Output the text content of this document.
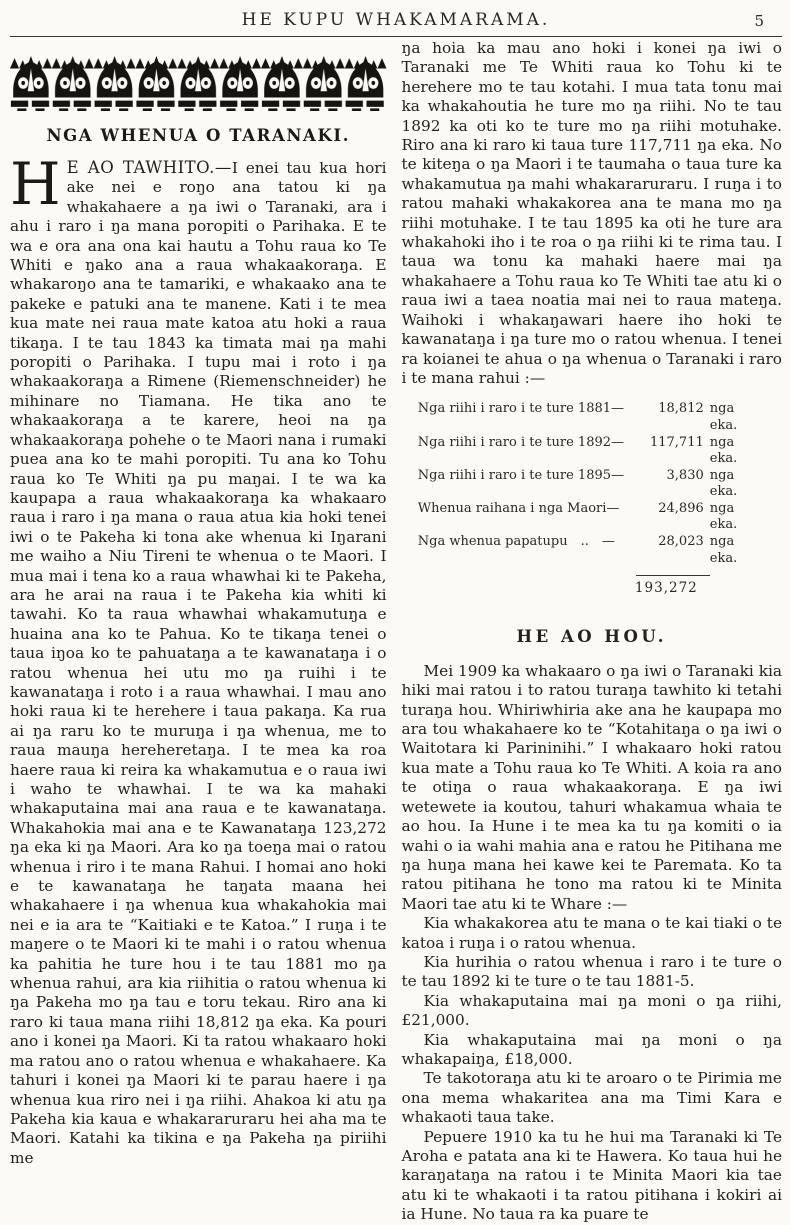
HE KUPU WHAKAMARAMA.	5
NGA WHENUA O TARANAKI.

H E AO TAWHITO.—I enei tau kua hori ake nei e roŋo ana tatou ki ŋa whakahaere a ŋa iwi o Taranaki, ara i ahu i raro i ŋa mana poropiti o Parihaka. E te wa e ora ana ona kai hautu a Tohu raua ko Te Whiti e ŋako ana a raua whakaakoraŋa. E whakaroŋo ana te tamariki, e whakaako ana te pakeke e patuki ana te manene. Kati i te mea kua mate nei raua mate katoa atu hoki a raua tikaŋa. I te tau 1843 ka timata mai ŋa mahi poropiti o Parihaka. I tupu mai i roto i ŋa whakaakoraŋa a Rimene (Riemenschneider) he mihinare no Tiamana. He tika ano te whakaakoraŋa a te karere, heoi na ŋa whakaakoraŋa pohehe o te Maori nana i rumaki puea ana ko te mahi poropiti. Tu ana ko Tohu raua ko Te Whiti ŋa pu maŋai. I te wa ka kaupapa a raua whakaakoraŋa ka whakaaro raua i raro i ŋa mana o raua atua kia hoki tenei iwi o te Pakeha ki tona ake whenua ki Iŋarani me waiho a Niu Tireni te whenua o te Maori. I mua mai i tena ko a raua whawhai ki te Pakeha, ara he arai na raua i te Pakeha kia whiti ki tawahi. Ko ta raua whawhai whakamutuŋa e huaina ana ko te Pahua. Ko te tikaŋa tenei o taua iŋoa ko te pahuataŋa a te kawanataŋa i o ratou whenua hei utu mo ŋa ruihi i te kawanataŋa i roto i a raua whawhai. I mau ano hoki raua ki te herehere i taua pakaŋa. Ka rua ai ŋa raru ko te muruŋa i ŋa whenua, me to raua mauŋa hereheretaŋa. I te mea ka roa haere raua ki reira ka whakamutua e o raua iwi i waho te whawhai. I te wa ka mahaki whakaputaina mai ana raua e te kawanataŋa. Whakahokia mai ana e te Kawanataŋa 123,272 ŋa eka ki ŋa Maori. Ara ko ŋa toeŋa mai o ratou whenua i riro i te mana Rahui. I homai ano hoki e te kawanataŋa he taŋata maana hei whakahaere i ŋa whenua kua whakahokia mai nei e ia ara te “Kaitiaki e te Katoa.” I ruŋa i te maŋere o te Maori ki te mahi i o ratou whenua ka pahitia he ture hou i te tau 1881 mo ŋa whenua rahui, ara kia riihitia o ratou whenua ki ŋa Pakeha mo ŋa tau e toru tekau. Riro ana ki raro ki taua mana riihi 18,812 ŋa eka. Ka pouri ano i konei ŋa Maori. Ki ta ratou whakaaro hoki ma ratou ano o ratou whenua e whakahaere. Ka tahuri i konei ŋa Maori ki te parau haere i ŋa whenua kua riro nei i ŋa riihi. Ahakoa ki atu ŋa Pakeha kia kaua e whakararuraru hei aha ma te Maori. Katahi ka tikina e ŋa Pakeha ŋa piriihi me

ŋa hoia ka mau ano hoki i konei ŋa iwi o Taranaki me Te Whiti raua ko Tohu ki te herehere mo te tau kotahi. I mua tata tonu mai ka whakahoutia he ture mo ŋa riihi. No te tau 1892 ka oti ko te ture mo ŋa riihi motuhake. Riro ana ki raro ki taua ture 117,711 ŋa eka. No te kiteŋa o ŋa Maori i te taumaha o taua ture ka whakamutua ŋa mahi whakararuraru. I ruŋa i to ratou mahaki whakakorea ana te mana mo ŋa riihi motuhake. I te tau 1895 ka oti he ture ara whakahoki iho i te roa o ŋa riihi ki te rima tau. I taua wa tonu ka mahaki haere mai ŋa whakahaere a Tohu raua ko Te Whiti tae atu ki o raua iwi a taea noatia mai nei to raua mateŋa. Waihoki i whakaŋawari haere iho hoki te kawanataŋa i ŋa ture mo o ratou whenua. I tenei ra koianei te ahua o ŋa whenua o Taranaki i raro i te mana rahui :—

Nga riihi i raro i te ture 1881—	18,812 nga eka.
Nga riihi i raro i te ture 1892—	117,711 nga eka.
Nga riihi i raro i te ture 1895—	3,830 nga eka.
Whenua raihana i nga Maori—	24,896 nga eka.
Nga whenua papatupu　..　—	28,023 nga eka.
193,272
HE AO HOU.

Mei 1909 ka whakaaro o ŋa iwi o Taranaki kia hiki mai ratou i to ratou turaŋa tawhito ki tetahi turaŋa hou. Whiriwhiria ake ana he kaupapa mo ara tou whakahaere ko te “Kotahitaŋa o ŋa iwi o Waitotara ki Parininihi.” I whakaaro hoki ratou kua mate a Tohu raua ko Te Whiti. A koia ra ano te otiŋa o raua whakaakoraŋa. E ŋa iwi wetewete ia koutou, tahuri whakamua whaia te ao hou. Ia Hune i te mea ka tu ŋa komiti o ia wahi o ia wahi mahia ana e ratou he Pitihana me ŋa huŋa mana hei kawe kei te Paremata. Ko ta ratou pitihana he tono ma ratou ki te Minita Maori tae atu ki te Whare :—

Kia whakakorea atu te mana o te kai tiaki o te katoa i ruŋa i o ratou whenua.

Kia hurihia o ratou whenua i raro i te ture o te tau 1892 ki te ture o te tau 1881-5.

Kia whakaputaina mai ŋa moni o ŋa riihi, £21,000.

Kia whakaputaina mai ŋa moni o ŋa whakapaiŋa, £18,000.

Te takotoraŋa atu ki te aroaro o te Pirimia me ona mema whakaritea ana ma Timi Kara e whakaoti taua take.

Pepuere 1910 ka tu he hui ma Taranaki ki Te Aroha e patata ana ki te Hawera. Ko taua hui he karaŋataŋa na ratou i te Minita Maori kia tae atu ki te whakaoti i ta ratou pitihana i kokiri ai ia Hune. No taua ra ka puare te
